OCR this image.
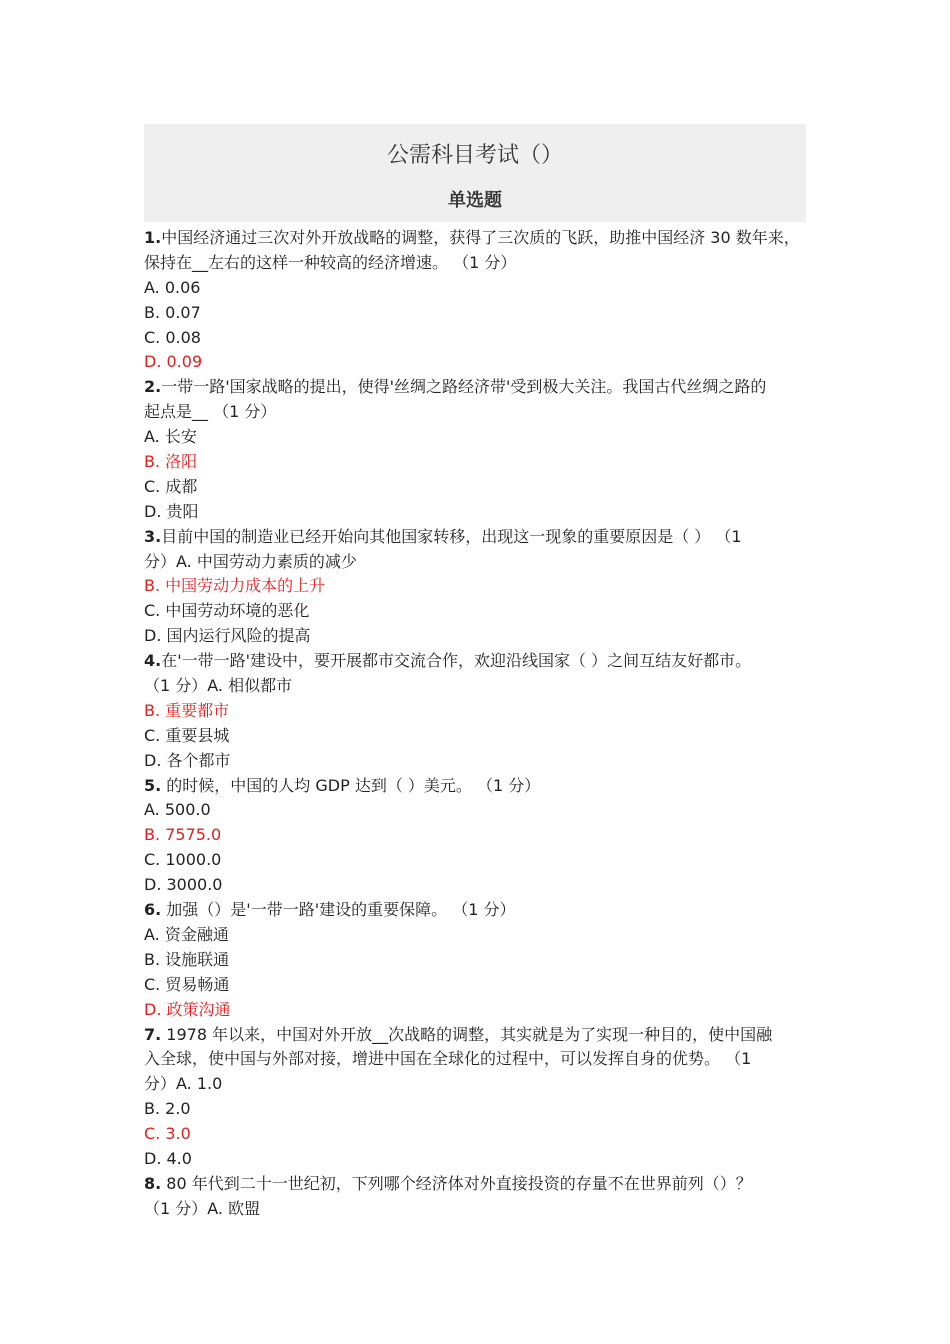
公需科目考试（）
单选题
1.中国经济通过三次对外开放战略的调整，获得了三次质的飞跃，助推中国经济 30 数年来，
保持在__左右的这样一种较高的经济增速。 （1 分）
A. 0.06
B. 0.07
C. 0.08
D. 0.09
2.一带一路'国家战略的提出，使得'丝绸之路经济带'受到极大关注。我国古代丝绸之路的
起点是__ （1 分）
A. 长安
B. 洛阳
C. 成都
D. 贵阳
3.目前中国的制造业已经开始向其他国家转移，出现这一现象的重要原因是（ ） （1
分）A. 中国劳动力素质的减少
B. 中国劳动力成本的上升
C. 中国劳动环境的恶化
D. 国内运行风险的提高
4.在'一带一路'建设中，要开展都市交流合作，欢迎沿线国家（ ）之间互结友好都市。
（1 分）A. 相似都市
B. 重要都市
C. 重要县城
D. 各个都市
5. 的时候，中国的人均 GDP 达到（ ）美元。 （1 分）
A. 500.0
B. 7575.0
C. 1000.0
D. 3000.0
6. 加强（）是'一带一路'建设的重要保障。 （1 分）
A. 资金融通
B. 设施联通
C. 贸易畅通
D. 政策沟通
7. 1978 年以来，中国对外开放__次战略的调整，其实就是为了实现一种目的，使中国融
入全球，使中国与外部对接，增进中国在全球化的过程中，可以发挥自身的优势。 （1
分）A. 1.0
B. 2.0
C. 3.0
D. 4.0
8. 80 年代到二十一世纪初，下列哪个经济体对外直接投资的存量不在世界前列（）？
（1 分）A. 欧盟
